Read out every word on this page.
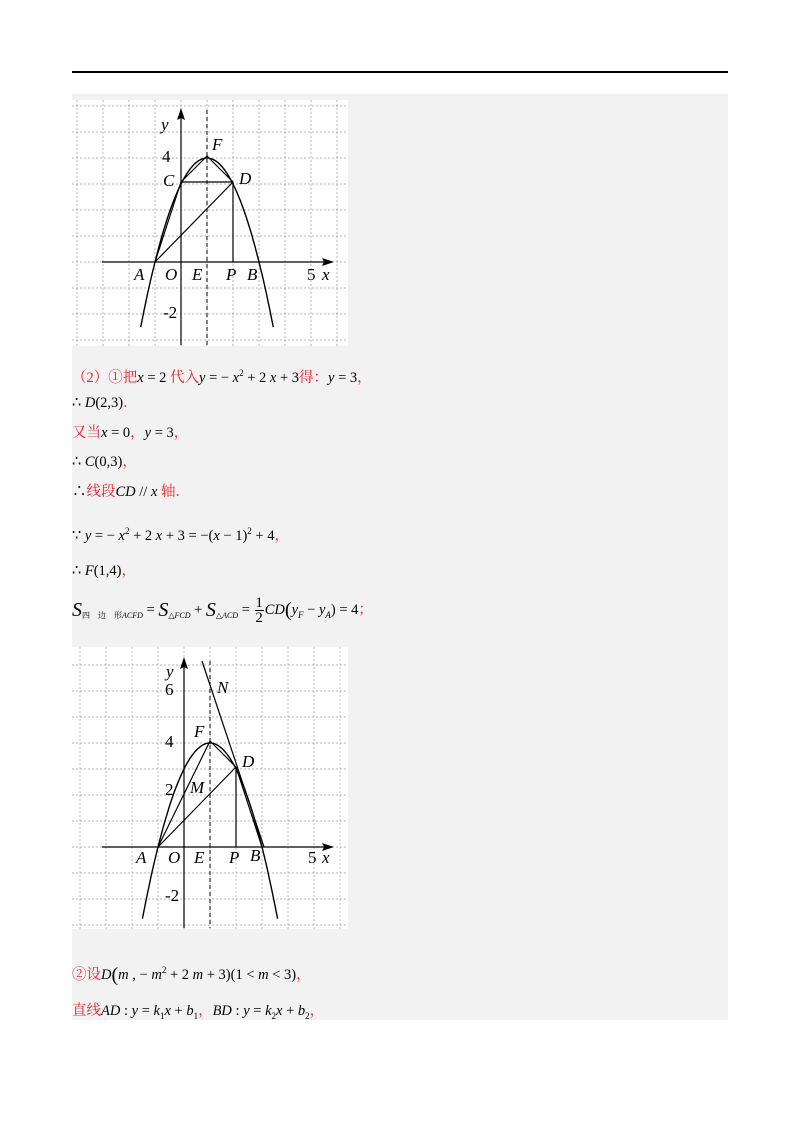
y
x
4
5
-2
A O E P B
C	D
F
（2）①把x = 2 代入y = − $x^2 + 2$ x + 3得：y = 3，
∴ D(2,3)．
又当x = 0，y = 3，
∴ C(0,3)，
∴线段CD // x 轴．
∵ y = − $x^2 + 2$ $x + 3 = -(x - 1)^2 + 4$，
∴ F(1,4)，
$S_{四 边 形ACFD} = S_{\triangle FCD} + S_{\triangle ACD} = \frac{1}{2} CD(y_F - y_A) = 4$；
y
x
6
4
2
5
-2
A O E P B
D
F
M
N
②设D(m , − $m^2 + 2$ m + 3)(1 < m < 3)，
直线AD : $y = k_1x + b_1$，BD : $y = k_2x + b_2$，
